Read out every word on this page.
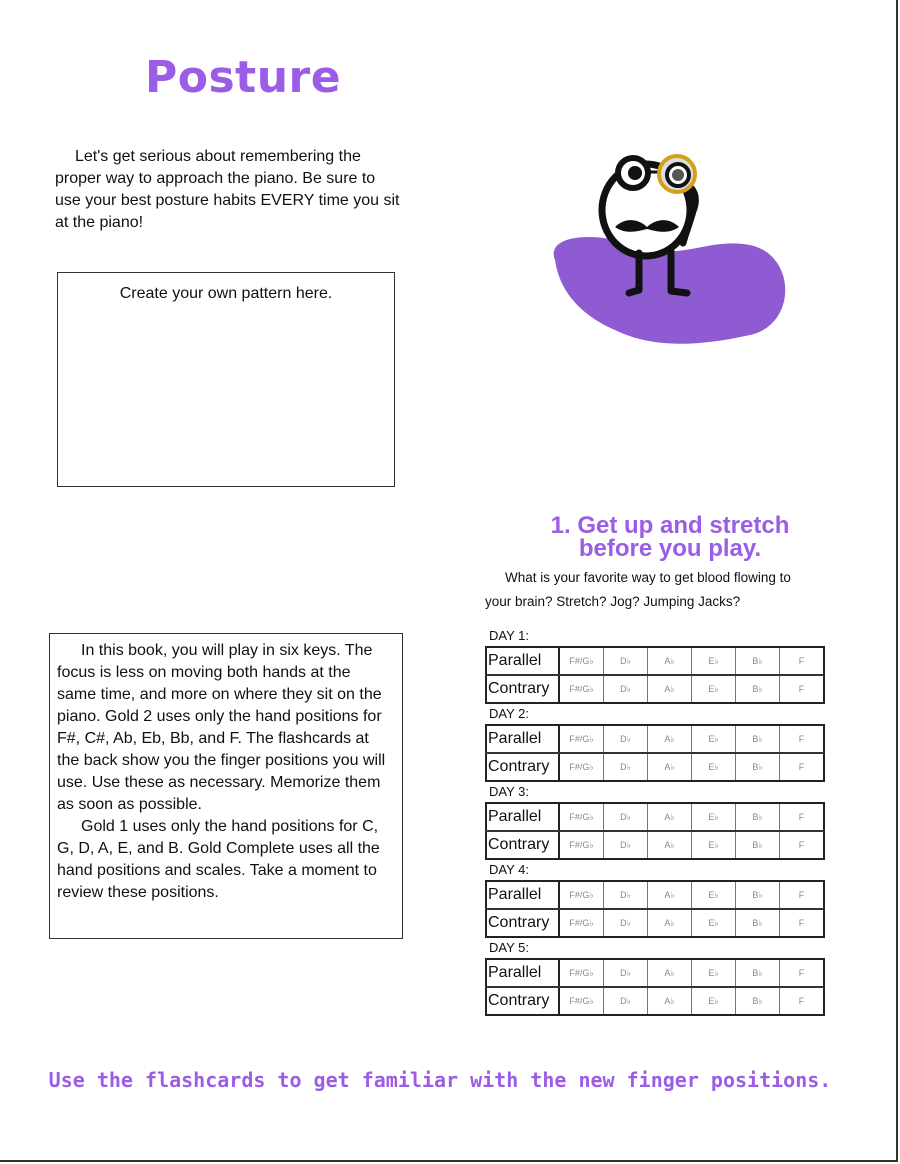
Posture

Let's get serious about remembering the proper way to approach the piano. Be sure to use your best posture habits EVERY time you sit at the piano!

Create your own pattern here.
1. Get up and stretch
before you play.

What is your favorite way to get blood flowing to
your brain? Stretch? Jog? Jumping Jacks?

In this book, you will play in six keys. The focus is less on moving both hands at the same time, and more on where they sit on the piano. Gold 2 uses only the hand positions for F#, C#, Ab, Eb, Bb, and F. The flashcards at the back show you the finger positions you will use. Use these as necessary. Memorize them as soon as possible.

Gold 1 uses only the hand positions for C, G, D, A, E, and B. Gold Complete uses all the hand positions and scales. Take a moment to review these positions.

DAY 1:
Parallel	F#/G♭	D♭	A♭	E♭	B♭	F
Contrary	F#/G♭	D♭	A♭	E♭	B♭	F
DAY 2:
Parallel	F#/G♭	D♭	A♭	E♭	B♭	F
Contrary	F#/G♭	D♭	A♭	E♭	B♭	F
DAY 3:
Parallel	F#/G♭	D♭	A♭	E♭	B♭	F
Contrary	F#/G♭	D♭	A♭	E♭	B♭	F
DAY 4:
Parallel	F#/G♭	D♭	A♭	E♭	B♭	F
Contrary	F#/G♭	D♭	A♭	E♭	B♭	F
DAY 5:
Parallel	F#/G♭	D♭	A♭	E♭	B♭	F
Contrary	F#/G♭	D♭	A♭	E♭	B♭	F

Use the flashcards to get familiar with the new finger positions.
